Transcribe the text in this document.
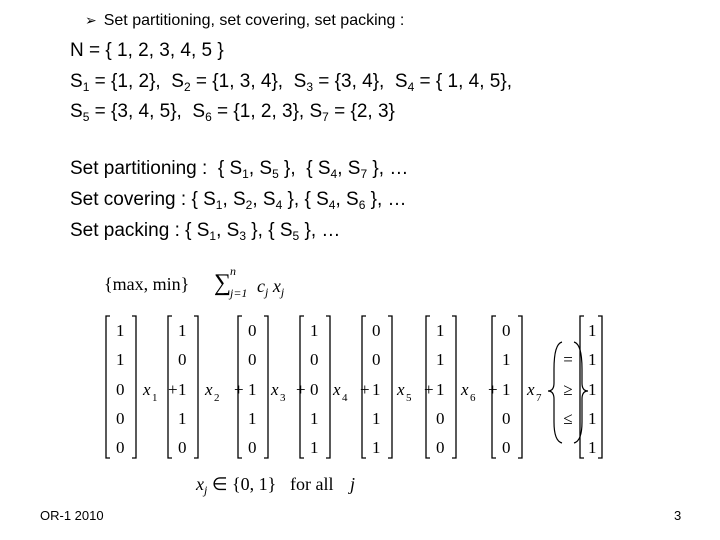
➢ Set partitioning, set covering, set packing :
N = { 1, 2, 3, 4, 5 }
$S_1 = \{1$, 2},  $S_2 = \{1$, 3, 4},  $S_3 = \{3$, 4},  $S_4$ = { 1, 4, 5},
$S_5 = \{3$, 4, 5},  $S_6 = \{1$, 2, 3}, $S_7 = \{2$, 3}
Set partitioning :  { $S_1$, $S_5$ },  { $S_4$, $S_7$ }, …
Set covering : { $S_1$, $S_2$, $S_4$ }, { $S_4$, $S_6$ }, …
Set packing : { $S_1$, $S_3$ }, { $S_5$ }, …
{max, min} ∑
n
j=1 $c_j$ $x_j$
1
1
0
0
0
x 1 +
1
0
1
1
0
x 2 +
0
0
1
1
0
x 3 +
1
0
0
1
1
x 4 +
0
0
1
1
1
x 5 +
1
1
1
0
0
x 6 +
0
1
1
0
0
x 7
=
≥
≤
1
1
1
1
1
$x_j$ ∈ {0, 1} for all j
OR-1 2010	3
